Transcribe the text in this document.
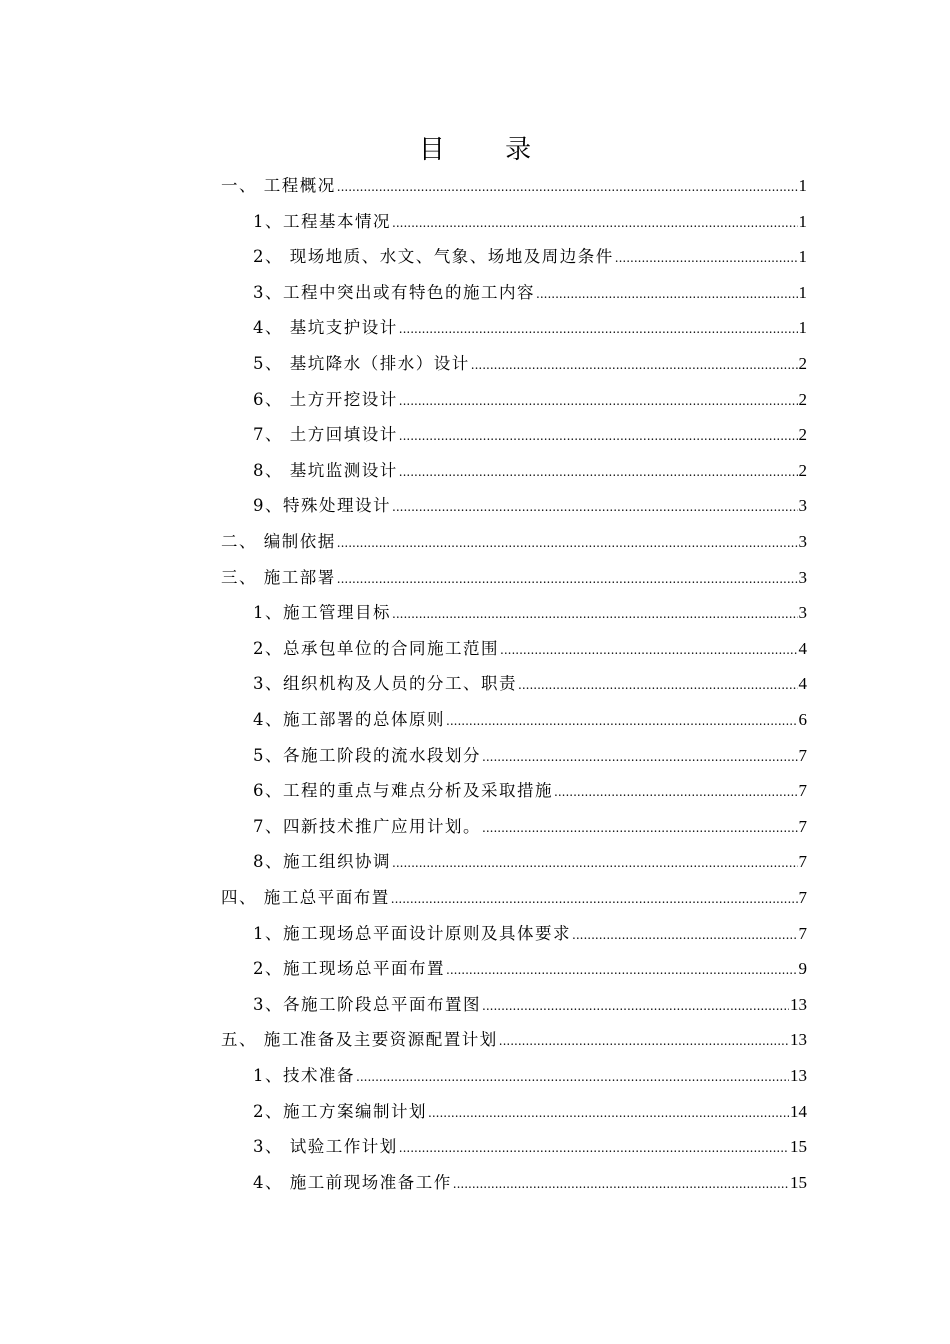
目 录
一、 工程概况 .....	1
1、工程基本情况 .....	1
2、 现场地质、水文、气象、场地及周边条件 .....	1
3、工程中突出或有特色的施工内容 .....	1
4、 基坑支护设计 .....	1
5、 基坑降水（排水）设计 .....	2
6、 土方开挖设计 .....	2
7、 土方回填设计 .....	2
8、 基坑监测设计 .....	2
9、特殊处理设计 .....	3
二、 编制依据 .....	3
三、 施工部署 .....	3
1、施工管理目标 .....	3
2、总承包单位的合同施工范围 .....	4
3、组织机构及人员的分工、职责 .....	4
4、施工部署的总体原则 .....	6
5、各施工阶段的流水段划分 .....	7
6、工程的重点与难点分析及采取措施 .....	7
7、四新技术推广应用计划。 .....	7
8、施工组织协调 .....	7
四、 施工总平面布置 .....	7
1、施工现场总平面设计原则及具体要求 .....	7
2、施工现场总平面布置 .....	9
3、各施工阶段总平面布置图 .....	13
五、 施工准备及主要资源配置计划 .....	13
1、技术准备 .....	13
2、施工方案编制计划 .....	14
3、 试验工作计划 .....	15
4、 施工前现场准备工作 .....	15
